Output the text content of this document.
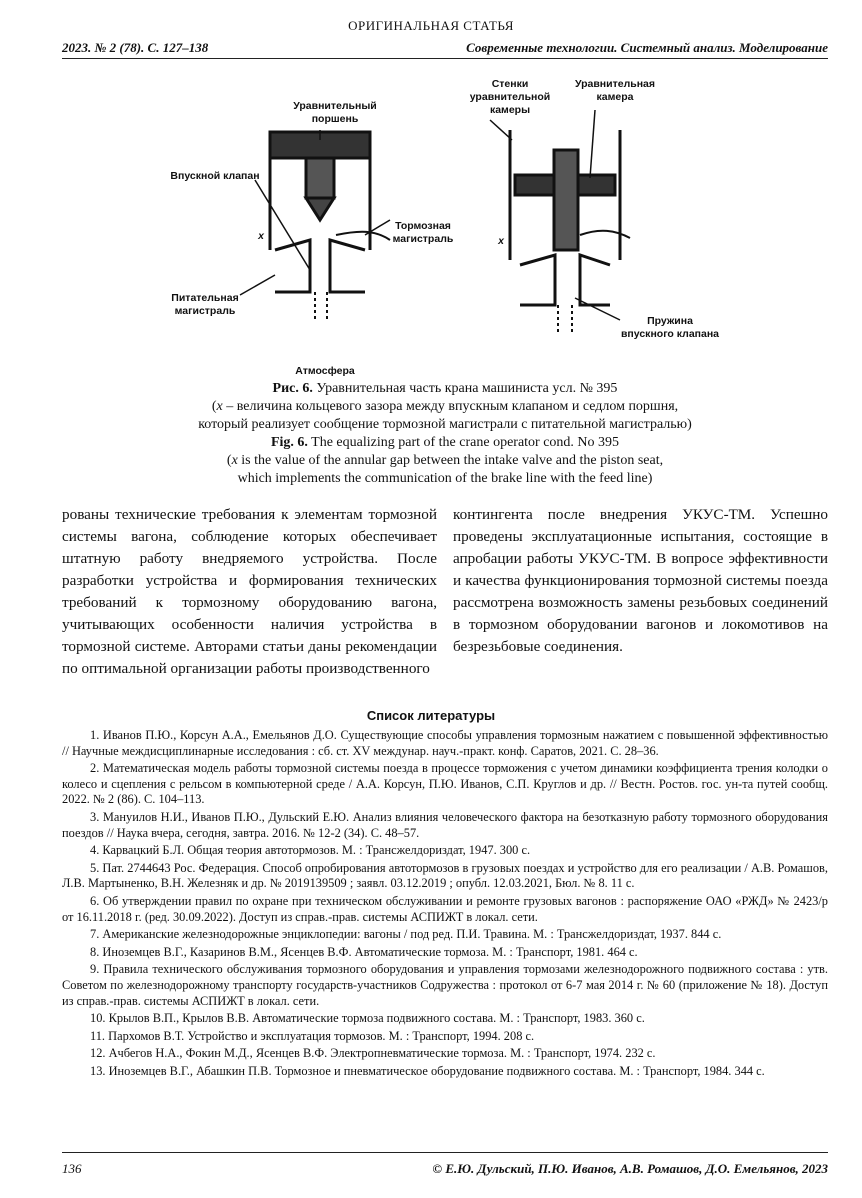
ОРИГИНАЛЬНАЯ СТАТЬЯ
2023. № 2 (78). С. 127–138	Современные технологии. Системный анализ. Моделирование
Уравнительный поршень
Впускной клапан
Тормозная магистраль
Питательная магистраль
Атмосфера
Стенки уравнительной камеры
Уравнительная камера
Пружина впускного клапана
x	x
Рис. 6. Уравнительная часть крана машиниста усл. № 395
(x – величина кольцевого зазора между впускным клапаном и седлом поршня,
который реализует сообщение тормозной магистрали с питательной магистралью)
Fig. 6. The equalizing part of the crane operator cond. No 395
(x is the value of the annular gap between the intake valve and the piston seat,
which implements the communication of the brake line with the feed line)
рованы технические требования к элементам тормозной системы вагона, соблюдение которых обеспечивает штатную работу внедряемого устройства. После разработки устройства и формирования технических требований к тормозному оборудованию вагона, учитывающих особенности наличия устройства в тормозной системе. Авторами статьи даны рекомендации по оптимальной организации работы производственного
контингента после внедрения УКУС-ТМ. Успешно проведены эксплуатационные испытания, состоящие в апробации работы УКУС-ТМ. В вопросе эффективности и качества функционирования тормозной системы поезда рассмотрена возможность замены резьбовых соединений в тормозном оборудовании вагонов и локомотивов на безрезьбовые соединения.
Список литературы

1. Иванов П.Ю., Корсун А.А., Емельянов Д.О. Существующие способы управления тормозным нажатием с повышенной эффективностью // Научные междисциплинарные исследования : сб. ст. XV междунар. науч.-практ. конф. Саратов, 2021. С. 28–36.

2. Математическая модель работы тормозной системы поезда в процессе торможения с учетом динамики коэффициента трения колодки о колесо и сцепления с рельсом в компьютерной среде / А.А. Корсун, П.Ю. Иванов, С.П. Круглов и др. // Вестн. Ростов. гос. ун-та путей сообщ. 2022. № 2 (86). С. 104–113.

3. Мануилов Н.И., Иванов П.Ю., Дульский Е.Ю. Анализ влияния человеческого фактора на безотказную работу тормозного оборудования поездов // Наука вчера, сегодня, завтра. 2016. № 12-2 (34). С. 48–57.

4. Карвацкий Б.Л. Общая теория автотормозов. М. : Трансжелдориздат, 1947. 300 с.

5. Пат. 2744643 Рос. Федерация. Способ опробирования автотормозов в грузовых поездах и устройство для его реализации / А.В. Ромашов, Л.В. Мартыненко, В.Н. Железняк и др. № 2019139509 ; заявл. 03.12.2019 ; опубл. 12.03.2021, Бюл. № 8. 11 с.

6. Об утверждении правил по охране при техническом обслуживании и ремонте грузовых вагонов : распоряжение ОАО «РЖД» № 2423/р от 16.11.2018 г. (ред. 30.09.2022). Доступ из справ.-прав. системы АСПИЖТ в локал. сети.

7. Американские железнодорожные энциклопедии: вагоны / под ред. П.И. Травина. М. : Трансжелдориздат, 1937. 844 с.

8. Иноземцев В.Г., Казаринов В.М., Ясенцев В.Ф. Автоматические тормоза. М. : Транспорт, 1981. 464 с.

9. Правила технического обслуживания тормозного оборудования и управления тормозами железнодорожного подвижного состава : утв. Советом по железнодорожному транспорту государств-участников Содружества : протокол от 6-7 мая 2014 г. № 60 (приложение № 18). Доступ из справ.-прав. системы АСПИЖТ в локал. сети.

10. Крылов В.П., Крылов В.В. Автоматические тормоза подвижного состава. М. : Транспорт, 1983. 360 с.

11. Пархомов В.Т. Устройство и эксплуатация тормозов. М. : Транспорт, 1994. 208 с.

12. Ачбегов Н.А., Фокин М.Д., Ясенцев В.Ф. Электропневматические тормоза. М. : Транспорт, 1974. 232 с.

13. Иноземцев В.Г., Абашкин П.В. Тормозное и пневматическое оборудование подвижного состава. М. : Транспорт, 1984. 344 с.

136	© Е.Ю. Дульский, П.Ю. Иванов, А.В. Ромашов, Д.О. Емельянов, 2023
